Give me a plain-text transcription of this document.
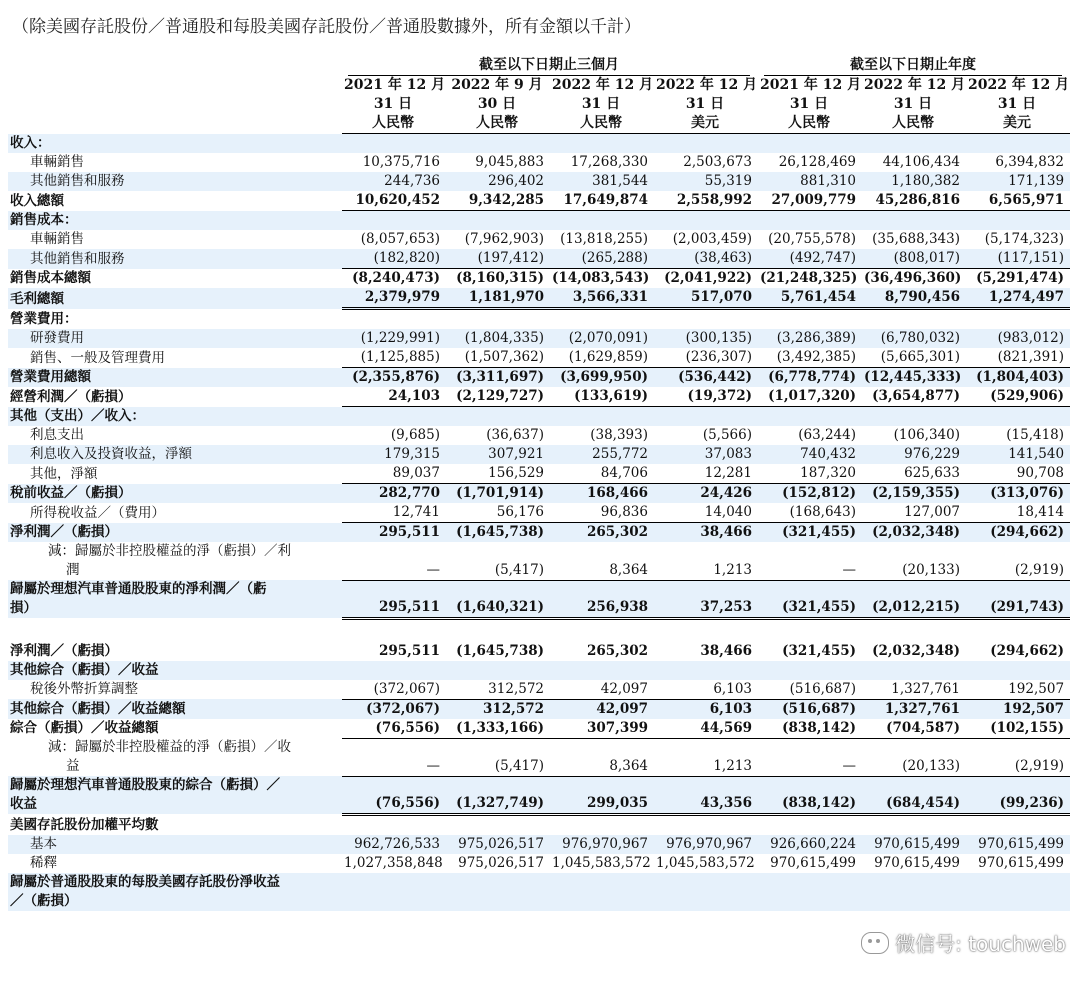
（除美國存託股份／普通股和每股美國存託股份／普通股數據外，所有金額以千計）

	截至以下日期止三個月				截至以下日期止年度		

	2021 年 12 月	2022 年 9 月	2022 年 12 月	2022 年 12 月	2021 年 12 月	2022 年 12 月	2022 年 12 月
	31 日	30 日	31 日	31 日	31 日	31 日	31 日
	人民幣	人民幣	人民幣	美元	人民幣	人民幣	美元
收入：							
車輛銷售	10,375,716	9,045,883	17,268,330	2,503,673	26,128,469	44,106,434	6,394,832
其他銷售和服務	244,736	296,402	381,544	55,319	881,310	1,180,382	171,139
收入總額	10,620,452	9,342,285	17,649,874	2,558,992	27,009,779	45,286,816	6,565,971
銷售成本：							
車輛銷售	(8,057,653)	(7,962,903)	(13,818,255)	(2,003,459)	(20,755,578)	(35,688,343)	(5,174,323)
其他銷售和服務	(182,820)	(197,412)	(265,288)	(38,463)	(492,747)	(808,017)	(117,151)
銷售成本總額	(8,240,473)	(8,160,315)	(14,083,543)	(2,041,922)	(21,248,325)	(36,496,360)	(5,291,474)
毛利總額	2,379,979	1,181,970	3,566,331	517,070	5,761,454	8,790,456	1,274,497
營業費用：							
研發費用	(1,229,991)	(1,804,335)	(2,070,091)	(300,135)	(3,286,389)	(6,780,032)	(983,012)
銷售、一般及管理費用	(1,125,885)	(1,507,362)	(1,629,859)	(236,307)	(3,492,385)	(5,665,301)	(821,391)
營業費用總額	(2,355,876)	(3,311,697)	(3,699,950)	(536,442)	(6,778,774)	(12,445,333)	(1,804,403)
經營利潤／（虧損）	24,103	(2,129,727)	(133,619)	(19,372)	(1,017,320)	(3,654,877)	(529,906)
其他（支出）／收入：							
利息支出	(9,685)	(36,637)	(38,393)	(5,566)	(63,244)	(106,340)	(15,418)
利息收入及投資收益，淨額	179,315	307,921	255,772	37,083	740,432	976,229	141,540
其他，淨額	89,037	156,529	84,706	12,281	187,320	625,633	90,708
稅前收益／（虧損）	282,770	(1,701,914)	168,466	24,426	(152,812)	(2,159,355)	(313,076)
所得稅收益／（費用）	12,741	56,176	96,836	14,040	(168,643)	127,007	18,414
淨利潤／（虧損）	295,511	(1,645,738)	265,302	38,466	(321,455)	(2,032,348)	(294,662)

減：歸屬於非控股權益的淨（虧損）／利
潤	—	(5,417)	8,364	1,213	—	(20,133)	(2,919)

歸屬於理想汽車普通股股東的淨利潤／（虧
損）	295,511	(1,640,321)	256,938	37,253	(321,455)	(2,012,215)	(291,743)

淨利潤／（虧損）	295,511	(1,645,738)	265,302	38,466	(321,455)	(2,032,348)	(294,662)
其他綜合（虧損）／收益							
稅後外幣折算調整	(372,067)	312,572	42,097	6,103	(516,687)	1,327,761	192,507
其他綜合（虧損）／收益總額	(372,067)	312,572	42,097	6,103	(516,687)	1,327,761	192,507
綜合（虧損）／收益總額	(76,556)	(1,333,166)	307,399	44,569	(838,142)	(704,587)	(102,155)

減：歸屬於非控股權益的淨（虧損）／收
益	—	(5,417)	8,364	1,213	—	(20,133)	(2,919)

歸屬於理想汽車普通股股東的綜合（虧損）／
收益	(76,556)	(1,327,749)	299,035	43,356	(838,142)	(684,454)	(99,236)
美國存託股份加權平均數							
基本	962,726,533	975,026,517	976,970,967	976,970,967	926,660,224	970,615,499	970,615,499
稀釋	1,027,358,848	975,026,517	1,045,583,572	1,045,583,572	970,615,499	970,615,499	970,615,499

歸屬於普通股股東的每股美國存託股份淨收益
／（虧損）							

微信号: touchweb
